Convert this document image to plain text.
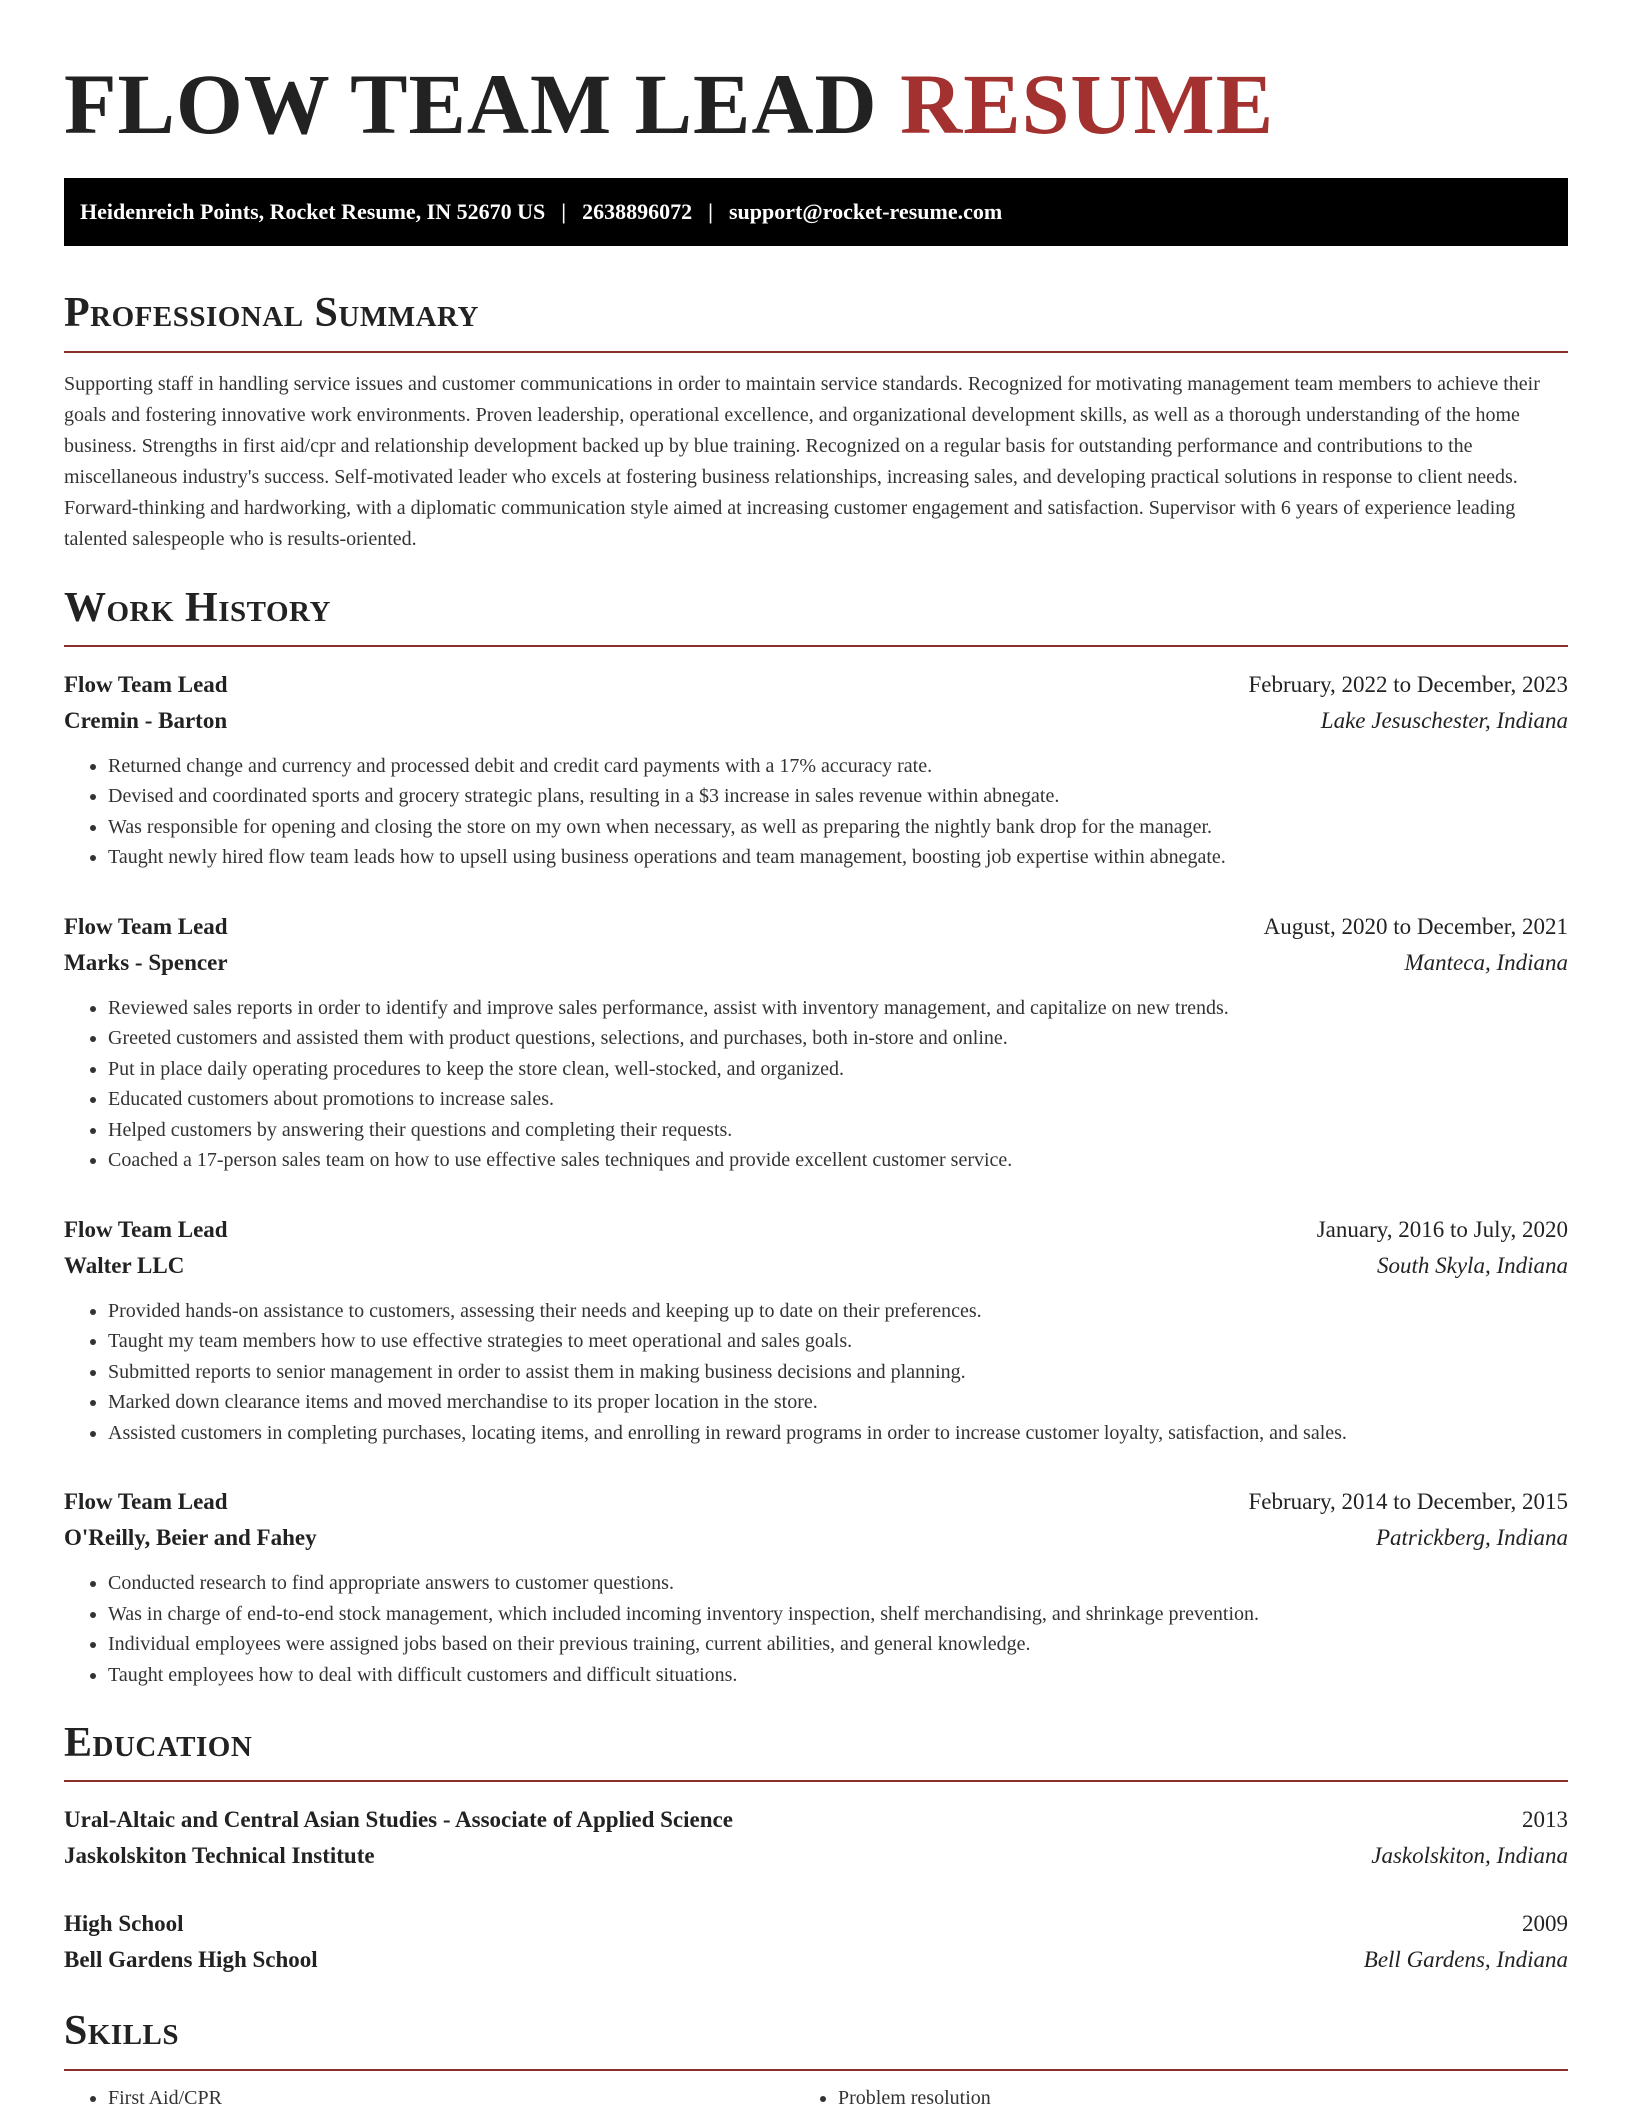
FLOW TEAM LEAD RESUME
Heidenreich Points, Rocket Resume, IN 52670 US | 2638896072 | support@rocket-resume.com
Professional Summary

Supporting staff in handling service issues and customer communications in order to maintain service standards. Recognized for motivating management team members to achieve their goals and fostering innovative work environments. Proven leadership, operational excellence, and organizational development skills, as well as a thorough understanding of the home business. Strengths in first aid/cpr and relationship development backed up by blue training. Recognized on a regular basis for outstanding performance and contributions to the miscellaneous industry's success. Self-motivated leader who excels at fostering business relationships, increasing sales, and developing practical solutions in response to client needs. Forward-thinking and hardworking, with a diplomatic communication style aimed at increasing customer engagement and satisfaction. Supervisor with 6 years of experience leading talented salespeople who is results-oriented.

Work History
Flow Team Lead	February, 2022 to December, 2023
Cremin - Barton	Lake Jesuschester, Indiana
• Returned change and currency and processed debit and credit card payments with a 17% accuracy rate.
• Devised and coordinated sports and grocery strategic plans, resulting in a $3 increase in sales revenue within abnegate.
• Was responsible for opening and closing the store on my own when necessary, as well as preparing the nightly bank drop for the manager.
• Taught newly hired flow team leads how to upsell using business operations and team management, boosting job expertise within abnegate.
Flow Team Lead	August, 2020 to December, 2021
Marks - Spencer	Manteca, Indiana
• Reviewed sales reports in order to identify and improve sales performance, assist with inventory management, and capitalize on new trends.
• Greeted customers and assisted them with product questions, selections, and purchases, both in-store and online.
• Put in place daily operating procedures to keep the store clean, well-stocked, and organized.
• Educated customers about promotions to increase sales.
• Helped customers by answering their questions and completing their requests.
• Coached a 17-person sales team on how to use effective sales techniques and provide excellent customer service.
Flow Team Lead	January, 2016 to July, 2020
Walter LLC	South Skyla, Indiana
• Provided hands-on assistance to customers, assessing their needs and keeping up to date on their preferences.
• Taught my team members how to use effective strategies to meet operational and sales goals.
• Submitted reports to senior management in order to assist them in making business decisions and planning.
• Marked down clearance items and moved merchandise to its proper location in the store.
• Assisted customers in completing purchases, locating items, and enrolling in reward programs in order to increase customer loyalty, satisfaction, and sales.
Flow Team Lead	February, 2014 to December, 2015
O'Reilly, Beier and Fahey	Patrickberg, Indiana
• Conducted research to find appropriate answers to customer questions.
• Was in charge of end-to-end stock management, which included incoming inventory inspection, shelf merchandising, and shrinkage prevention.
• Individual employees were assigned jobs based on their previous training, current abilities, and general knowledge.
• Taught employees how to deal with difficult customers and difficult situations.
Education
Ural-Altaic and Central Asian Studies - Associate of Applied Science	2013
Jaskolskiton Technical Institute	Jaskolskiton, Indiana
High School	2009
Bell Gardens High School	Bell Gardens, Indiana
Skills
• First Aid/CPR
•	Problem resolution
